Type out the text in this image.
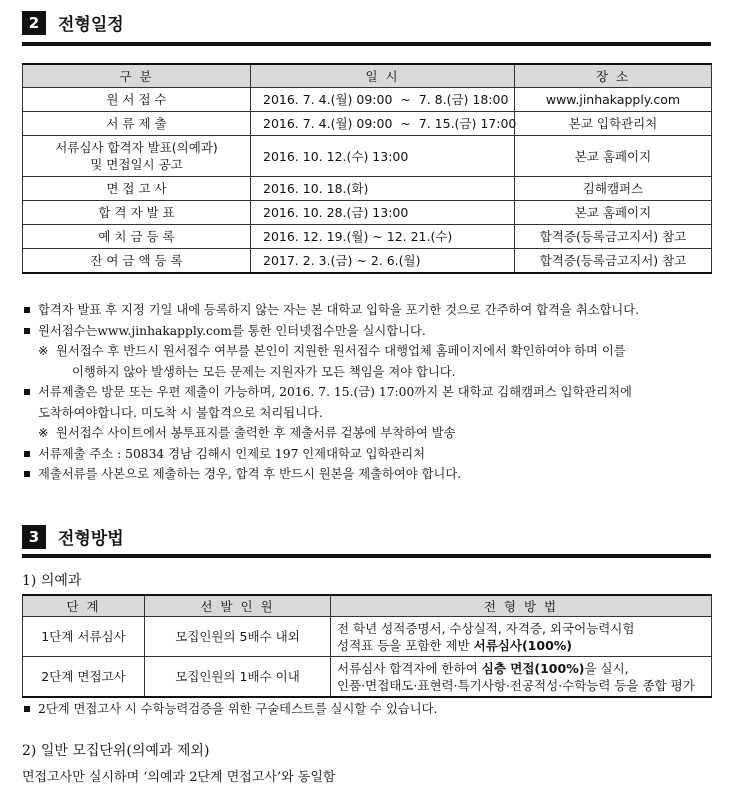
2	전형일정
구 분	일 시	장 소
원 서 접 수	2016. 7. 4.(월) 09:00  ~  7. 8.(금) 18:00	www.jinhakapply.com
서 류 제 출	2016. 7. 4.(월) 09:00  ~  7. 15.(금) 17:00	본교 입학관리처

서류심사 합격자 발표(의예과)
및 면접일시 공고	2016. 10. 12.(수) 13:00	본교 홈페이지
면 접 고 사	2016. 10. 18.(화)	김해캠퍼스
합 격 자 발 표	2016. 10. 28.(금) 13:00	본교 홈페이지
예 치 금 등 록	2016. 12. 19.(월) ~ 12. 21.(수)	합격증(등록금고지서) 참고
잔 여 금 액 등 록	2017. 2. 3.(금) ~ 2. 6.(월)	합격증(등록금고지서) 참고
합격자 발표 후 지정 기일 내에 등록하지 않는 자는 본 대학교 입학을 포기한 것으로 간주하여 합격을 취소합니다.
원서접수는www.jinhakapply.com를 통한 인터넷접수만을 실시합니다.
※ 원서접수 후 반드시 원서접수 여부를 본인이 지원한 원서접수 대행업체 홈페이지에서 확인하여야 하며 이를
이행하지 않아 발생하는 모든 문제는 지원자가 모든 책임을 져야 합니다.
서류제출은 방문 또는 우편 제출이 가능하며, 2016. 7. 15.(금) 17:00까지 본 대학교 김해캠퍼스 입학관리처에
도착하여야합니다. 미도착 시 불합격으로 처리됩니다.
※ 원서접수 사이트에서 봉투표지를 출력한 후 제출서류 겉봉에 부착하여 발송
서류제출 주소 : 50834 경남 김해시 인제로 197 인제대학교 입학관리처
제출서류를 사본으로 제출하는 경우, 합격 후 반드시 원본을 제출하여야 합니다.
3	전형방법
1) 의예과
단 계	선 발 인 원	전 형 방 법
1단계 서류심사	모집인원의 5배수 내외	전 학년 성적증명서, 수상실적, 자격증, 외국어능력시험
성적표 등을 포함한 제반 서류심사(100%)

2단계 면접고사	모집인원의 1배수 이내	서류심사 합격자에 한하여 심층 면접(100%)을 실시,
인품·면접태도·표현력·특기사항·전공적성·수학능력 등을 종합 평가
2단계 면접고사 시 수학능력검증을 위한 구술테스트를 실시할 수 있습니다.
2) 일반 모집단위(의예과 제외)
면접고사만 실시하며 ‘의예과 2단계 면접고사’와 동일함
